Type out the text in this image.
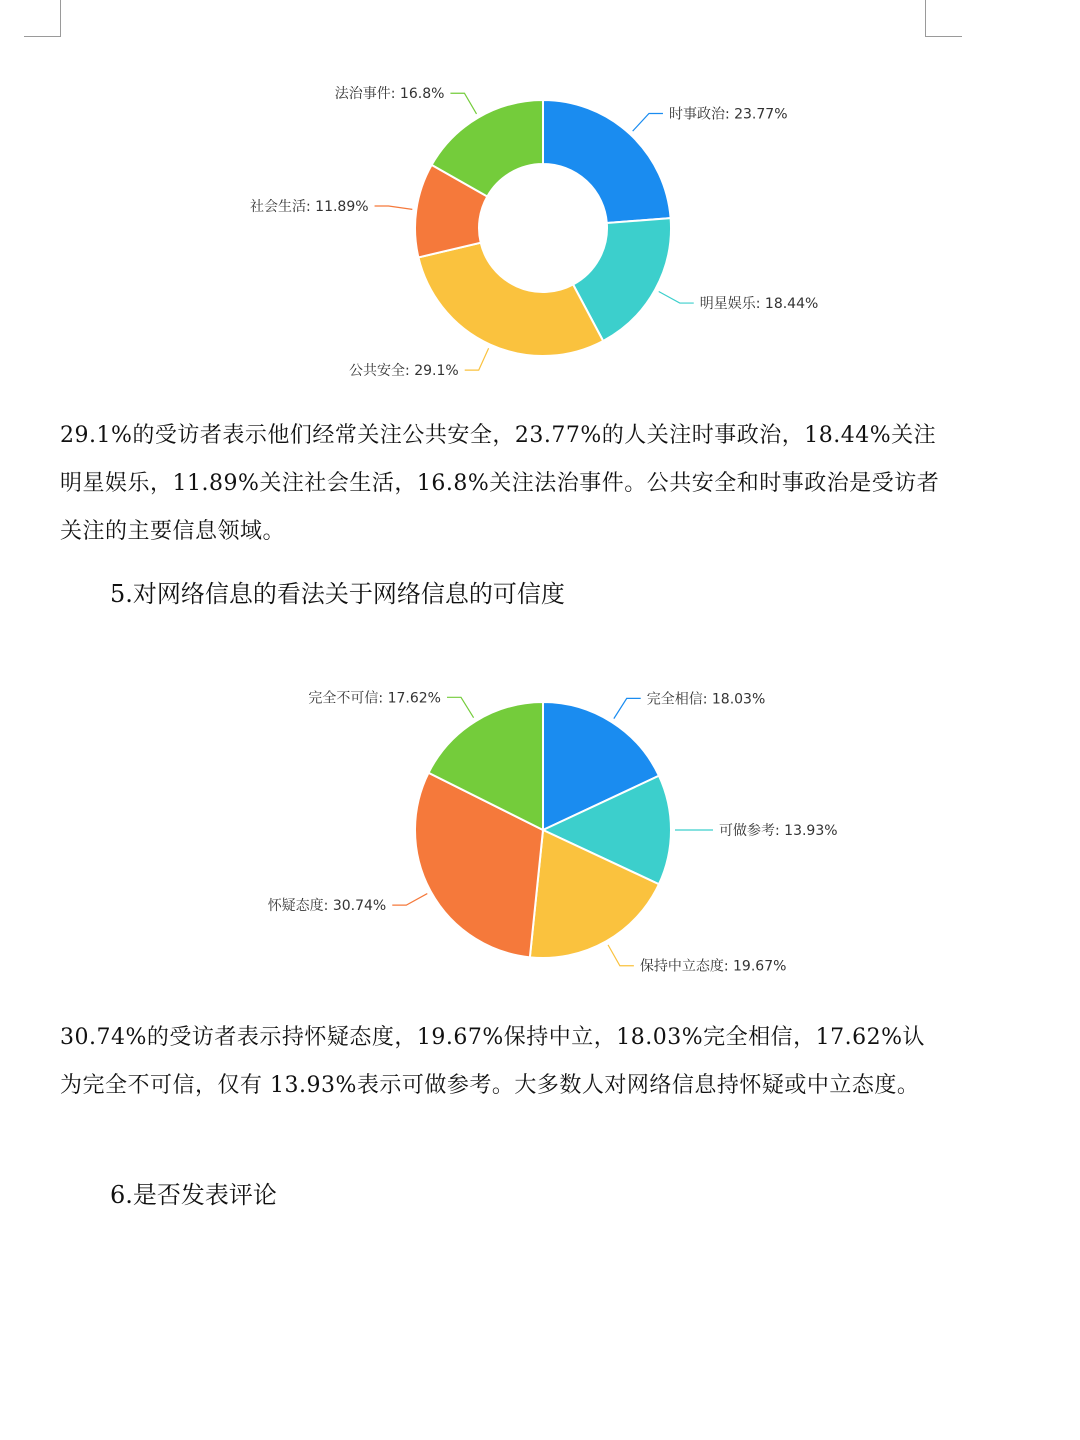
时事政治: 23.77%
明星娱乐: 18.44%
公共安全: 29.1%
社会生活: 11.89%
法治事件: 16.8%

29.1%的受访者表示他们经常关注公共安全，23.77%的人关注时事政治，18.44%关注明星娱乐，11.89%关注社会生活，16.8%关注法治事件。公共安全和时事政治是受访者关注的主要信息领域。

5.对网络信息的看法关于网络信息的可信度

完全相信: 18.03%
可做参考: 13.93%
保持中立态度: 19.67%
怀疑态度: 30.74%
完全不可信: 17.62%

30.74%的受访者表示持怀疑态度，19.67%保持中立，18.03%完全相信，17.62%认为完全不可信，仅有 13.93%表示可做参考。大多数人对网络信息持怀疑或中立态度。

6.是否发表评论
